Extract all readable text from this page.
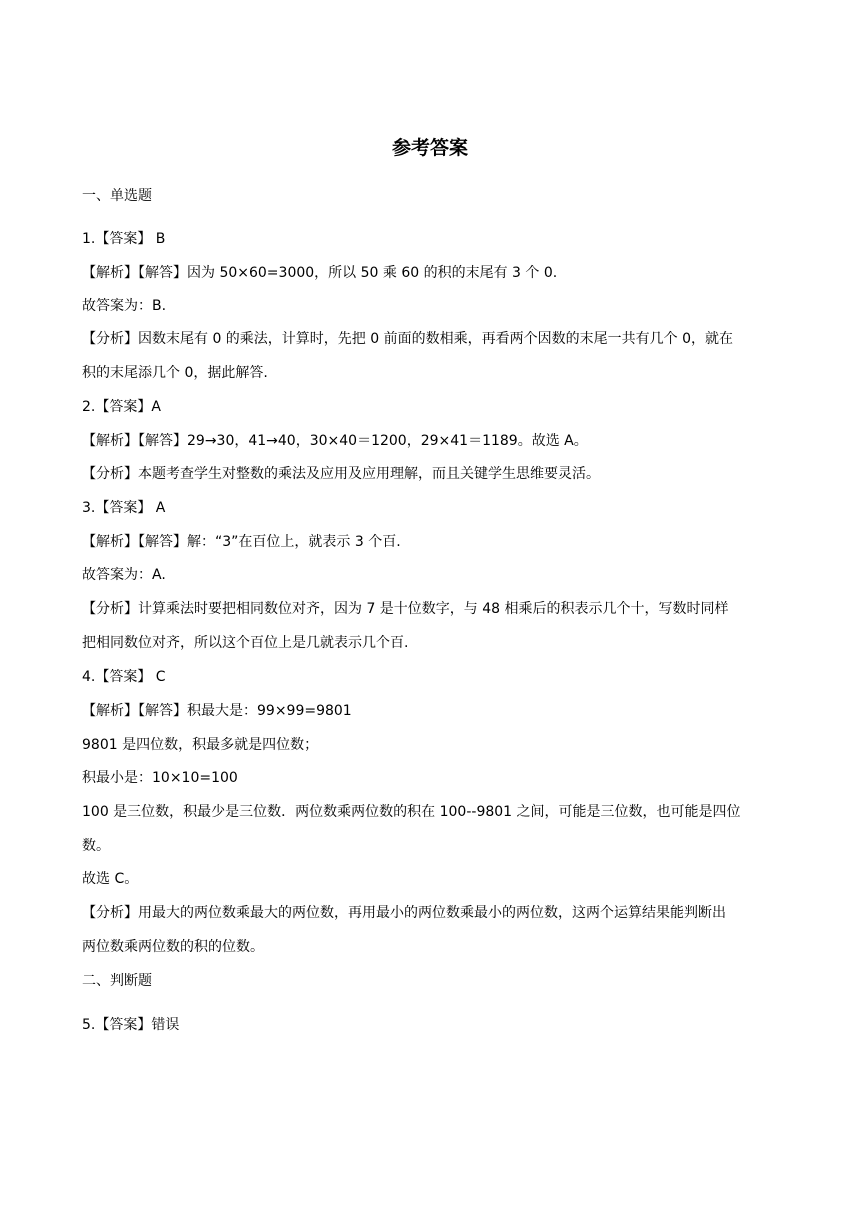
参考答案
一、单选题
1.【答案】 B
【解析】【解答】因为 50×60=3000，所以 50 乘 60 的积的末尾有 3 个 0.
故答案为：B.
【分析】因数末尾有 0 的乘法，计算时，先把 0 前面的数相乘，再看两个因数的末尾一共有几个 0，就在
积的末尾添几个 0，据此解答.
2.【答案】A
【解析】【解答】29→30，41→40，30×40＝1200，29×41＝1189。故选 A。
【分析】本题考查学生对整数的乘法及应用及应用理解，而且关键学生思维要灵活。
3.【答案】 A
【解析】【解答】解：“3”在百位上，就表示 3 个百.
故答案为：A.
【分析】计算乘法时要把相同数位对齐，因为 7 是十位数字，与 48 相乘后的积表示几个十，写数时同样
把相同数位对齐，所以这个百位上是几就表示几个百.
4.【答案】 C
【解析】【解答】积最大是：99×99=9801
9801 是四位数，积最多就是四位数；
积最小是：10×10=100
100 是三位数，积最少是三位数．两位数乘两位数的积在 100--9801 之间，可能是三位数，也可能是四位
数。
故选 C。
【分析】用最大的两位数乘最大的两位数，再用最小的两位数乘最小的两位数，这两个运算结果能判断出
两位数乘两位数的积的位数。
二、判断题
5.【答案】错误
